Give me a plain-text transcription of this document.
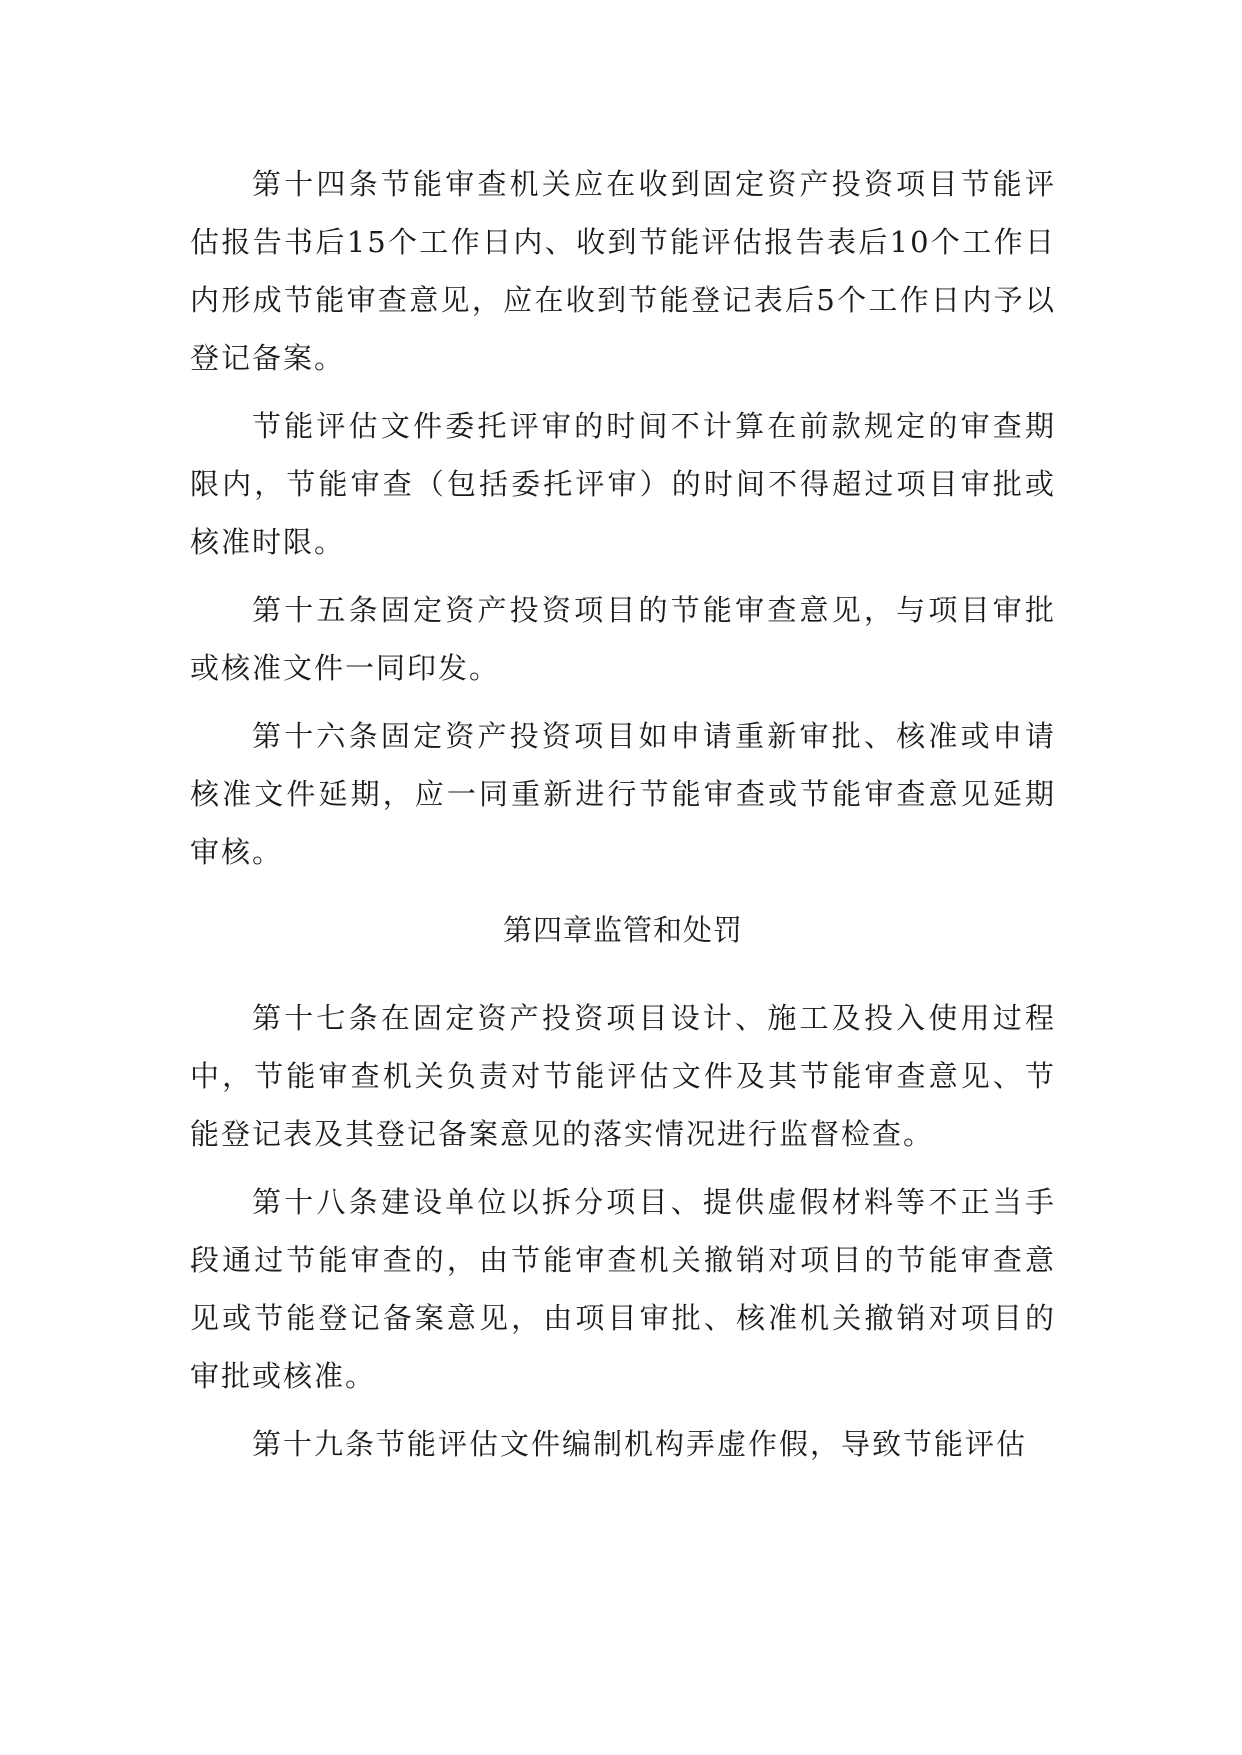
第十四条节能审查机关应在收到固定资产投资项目节能评估报告书后15个工作日内、收到节能评估报告表后10个工作日内形成节能审查意见，应在收到节能登记表后5个工作日内予以登记备案。

节能评估文件委托评审的时间不计算在前款规定的审查期限内，节能审查（包括委托评审）的时间不得超过项目审批或核准时限。

第十五条固定资产投资项目的节能审查意见，与项目审批或核准文件一同印发。

第十六条固定资产投资项目如申请重新审批、核准或申请核准文件延期，应一同重新进行节能审查或节能审查意见延期审核。

第四章监管和处罚

第十七条在固定资产投资项目设计、施工及投入使用过程中，节能审查机关负责对节能评估文件及其节能审查意见、节能登记表及其登记备案意见的落实情况进行监督检查。

第十八条建设单位以拆分项目、提供虚假材料等不正当手段通过节能审查的，由节能审查机关撤销对项目的节能审查意见或节能登记备案意见，由项目审批、核准机关撤销对项目的审批或核准。

第十九条节能评估文件编制机构弄虚作假，导致节能评估
